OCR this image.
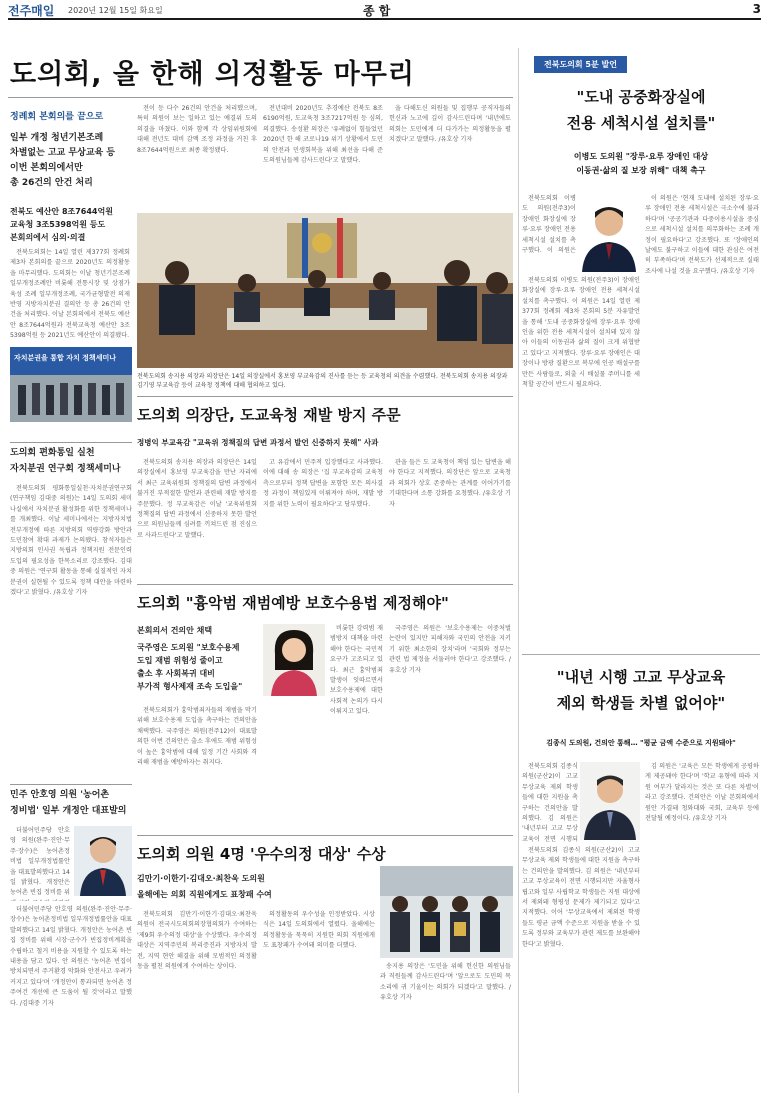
전주매일 2020년 12월 15일 화요일	종 합	3
도의회, 올 한해 의정활동 마무리
정례회 본회의를 끝으로
일부 개정 청년기본조례
차별없는 고교 무상교육 등
이번 본회의에서만
총 26건의 안건 처리
전북도 예산안 8조7644억원
교육청 3조5398억원 등도
본회의에서 심의·의결

전북도의회는 14일 열린 제377회 정례회 제3차 본회의를 끝으로 2020년도 의정활동을 마무리했다. 도의회는 이날 청년기본조례 일부개정조례안 비롯해 전통시장 및 상점가 육성 조례 일부개정조례, 국가균형발전 의제 반영 지방자치분권 결의안 등 총 26건의 안건을 처리했다. 이날 본회의에서 전북도 예산안 8조7644억원과 전북교육청 예산안 3조5398억원 등 2021년도 예산안이 의결됐다.

전이 등 다수 26건의 안건을 처리했으며, 특히 의원이 보는 일하고 있는 예결위 도의 의결을 마쳤다. 이와 함께 각 상임위원회에 대해 전년도 대비 감액 조정 과정을 거친 후 8조7644억원으로 최종 확정됐다.

전년대비 2020년도 추경예산 전북도 8조6190억원, 도교육청 3조7217억원 등 심의, 의결했다. 송성환 의장은 '유례없이 힘들었던 2020년 한 해 코로나19 위기 상황에서 도민의 안전과 민생회복을 위해 최선을 다해 준 도의원님들께 감사드린다'고 말했다.

을 다해도신 의원들 및 집행부 공직자들의 헌신과 노고에 깊이 감사드린다며 '내년에도 의회는 도민에게 더 다가가는 의정활동을 펼치겠다'고 말했다. /유호상 기자

전북도의회 송지용 의장과 의장단은 14일 의장실에서 홍보영 부교육감의 진사를 듣는 등 교육청의 의견을 수렴했다. 전북도의회 송지용 의장과 김기영 부교육감 등이 교육청 정책에 대해 협의하고 있다.
자치분권을 통합 자치 정책세미나
도의회 의장단, 도교육청 재발 방지 주문
정병익 부교육감 "교육위 정책질의 답변 과정서 발언 신중하지 못해" 사과

전북도의회 송지용 의장과 의장단은 14일 의장실에서 홍보영 부교육감을 만난 자리에서 최근 교육위원회 정책질의 답변 과정에서 불거진 부적절한 발언과 관련해 재발 방지를 주문했다. 정 부교육감은 이날 '교육위원회 정책질의 답변 과정에서 신중하지 못한 발언으로 의원님들께 심려를 끼쳐드린 점 진심으로 사과드린다'고 말했다.

고 유감에서 민주적 입장했다고 사과했다. 이에 대해 송 의장은 '집 부교육감의 교육청 측으로부터 정책 답변을 포함한 모든 의사결정 과정이 책임있게 이뤄져야 하며, 재발 방지를 위한 노력이 필요하다'고 당부했다.

관을 들은 도 교육청이 책임 있는 답변을 해야 한다고 지적했다. 의장단은 앞으로 교육청과 의회가 상호 존중하는 관계를 이어가기를 기대한다며 소통 강화를 요청했다. /유호상 기자

도의회 편화통일 실천
자치분권 연구회 정책세미나

전북도의회 평화통일실천·자치분권연구회(연구책임 김대중 의원)는 14일 도의회 세미나실에서 자치분권 활성화를 위한 정책세미나를 개최했다. 이날 세미나에서는 지방자치법 전부개정에 따른 지방의회 역량강화 방안과 도민참여 확대 과제가 논의됐다. 참석자들은 지방의회 인사권 독립과 정책지원 전문인력 도입의 필요성을 한목소리로 강조했다. 김대중 의원은 '연구회 활동을 통해 실질적인 자치분권이 실현될 수 있도록 정책 대안을 마련하겠다'고 밝혔다. /유호상 기자

민주 안호영 의원 '농어촌
정비법' 일부 개정안 대표발의

더불어민주당 안호영 의원(완주·진안·무주·장수)은 농어촌정비법 일부개정법률안을 대표발의했다고 14일 밝혔다. 개정안은 농어촌 빈집 정비를 위

더불어민주당 안호영 의원(완주·진안·무주·장수)은 농어촌정비법 일부개정법률안을 대표발의했다고 14일 밝혔다. 개정안은 농어촌 빈집 정비를 위해 시장·군수가 빈집정비계획을 수립하고 철거 비용을 지원할 수 있도록 하는 내용을 담고 있다. 안 의원은 '농어촌 빈집이 방치되면서 주거환경 악화와 안전사고 우려가 커지고 있다'며 '개정안이 통과되면 농어촌 정주여건 개선에 큰 도움이 될 것'이라고 말했다. /김대중 기자

도의회 "흉악범 재범예방 보호수용법 제정해야"
본회의서 건의안 채택
국주영은 도의원 "보호수용제
도입 재범 위험성 줄이고
출소 후 사회복귀 대비
부가적 형사제재 조속 도입을"

전북도의회가 흉악범죄자들의 재범을 막기 위해 보호수용제 도입을 촉구하는 건의안을 채택했다. 국주영은 의원(전주12)이 대표발의한 이번 건의안은 출소 후에도 재범 위험성이 높은 흉악범에 대해 일정 기간 사회와 격리해 재범을 예방하자는 취지다.

비롯한 강력범 재범방지 대책을 마련해야 한다는 국민적 요구가 고조되고 있다. 최근 흉악범죄 발생이 잇따르면서 보호수용제에 대한 사회적 논의가 다시 이뤄지고 있다.

국주영은 의원은 '보호수용제는 이중처벌 논란이 있지만 피해자와 국민의 안전을 지키기 위한 최소한의 장치'라며 '국회와 정부는 관련 법 제정을 서둘러야 한다'고 강조했다. /유호상 기자

도의회 의원 4명 '우수의정 대상' 수상
김만기·이한기·김대오·최찬욱 도의원
올해에는 의회 직원에게도 표창패 수여

전북도의회 김만기·이한기·김대오·최찬욱 의원이 전국시도의회의장협의회가 수여하는 '제9회 우수의정 대상'을 수상했다. 우수의정 대상은 지역주민의 복리증진과 지방자치 발전, 지역 현안 해결을 위해 모범적인 의정활동을 펼친 의원에게 수여하는 상이다.

의정활동의 우수성을 인정받았다. 시상식은 14일 도의회에서 열렸다. 올해에는 의정활동을 묵묵히 지원한 의회 직원에게도 표창패가 수여돼 의미를 더했다.

송지용 의장은 '도민을 위해 헌신한 의원님들과 직원들께 감사드린다'며 '앞으로도 도민의 목소리에 귀 기울이는 의회가 되겠다'고 말했다. /유호상 기자

전북도의회 5분 발언
"도내 공중화장실에
전용 세척시설 설치를"
이병도 도의원 "장루·요루 장애인 대상
이동권·삶의 질 보장 위해" 대책 촉구

전북도의회 이병도 의원(전주3)이 장애인 화장실에 장루·요루 장애인 전용 세척시설 설치를 촉구했다. 이 의원은

전북도의회 이병도 의원(전주3)이 장애인 화장실에 장루·요루 장애인 전용 세척시설 설치를 촉구했다. 이 의원은 14일 열린 제377회 정례회 제3차 본회의 5분 자유발언을 통해 '도내 공중화장실에 장루·요루 장애인을 위한 전용 세척시설이 설치돼 있지 않아 이들의 이동권과 삶의 질이 크게 위협받고 있다'고 지적했다. 장루·요루 장애인은 대장이나 방광 질환으로 복부에 인공 배설구를 만든 사람들로, 외출 시 배설물 주머니를 세척할 공간이 반드시 필요하다.

이 의원은 '현재 도내에 설치된 장루·요루 장애인 전용 세척시설은 극소수에 불과하다'며 '공공기관과 다중이용시설을 중심으로 세척시설 설치를 의무화하는 조례 개정이 필요하다'고 강조했다. 또 '장애인의 날에도 불구하고 이들에 대한 관심은 여전히 부족하다'며 전북도가 선제적으로 실태조사에 나설 것을 요구했다. /유호상 기자

"내년 시행 고교 무상교육
제외 학생들 차별 없어야"
김종식 도의원, 건의안 통해… "평균 금액 수준으로 지원돼야"

전북도의회 김종식 의원(군산2)이 고교 무상교육 제외 학생들에 대한 지원을 촉구하는 건의안을 발의했다. 김 의원은 '내년부터 고교 무상교육이 전면 시행되

전북도의회 김종식 의원(군산2)이 고교 무상교육 제외 학생들에 대한 지원을 촉구하는 건의안을 발의했다. 김 의원은 '내년부터 고교 무상교육이 전면 시행되지만 자율형사립고와 일부 사립학교 학생들은 지원 대상에서 제외돼 형평성 문제가 제기되고 있다'고 지적했다. 이어 '무상교육에서 제외된 학생들도 평균 금액 수준으로 지원을 받을 수 있도록 정부와 교육부가 관련 제도를 보완해야 한다'고 밝혔다.

김 의원은 '교육은 모든 학생에게 공평하게 제공돼야 한다'며 '학교 유형에 따라 지원 여부가 달라지는 것은 또 다른 차별'이라고 강조했다. 건의안은 이날 본회의에서 원안 가결돼 청와대와 국회, 교육부 등에 전달될 예정이다. /유호상 기자
